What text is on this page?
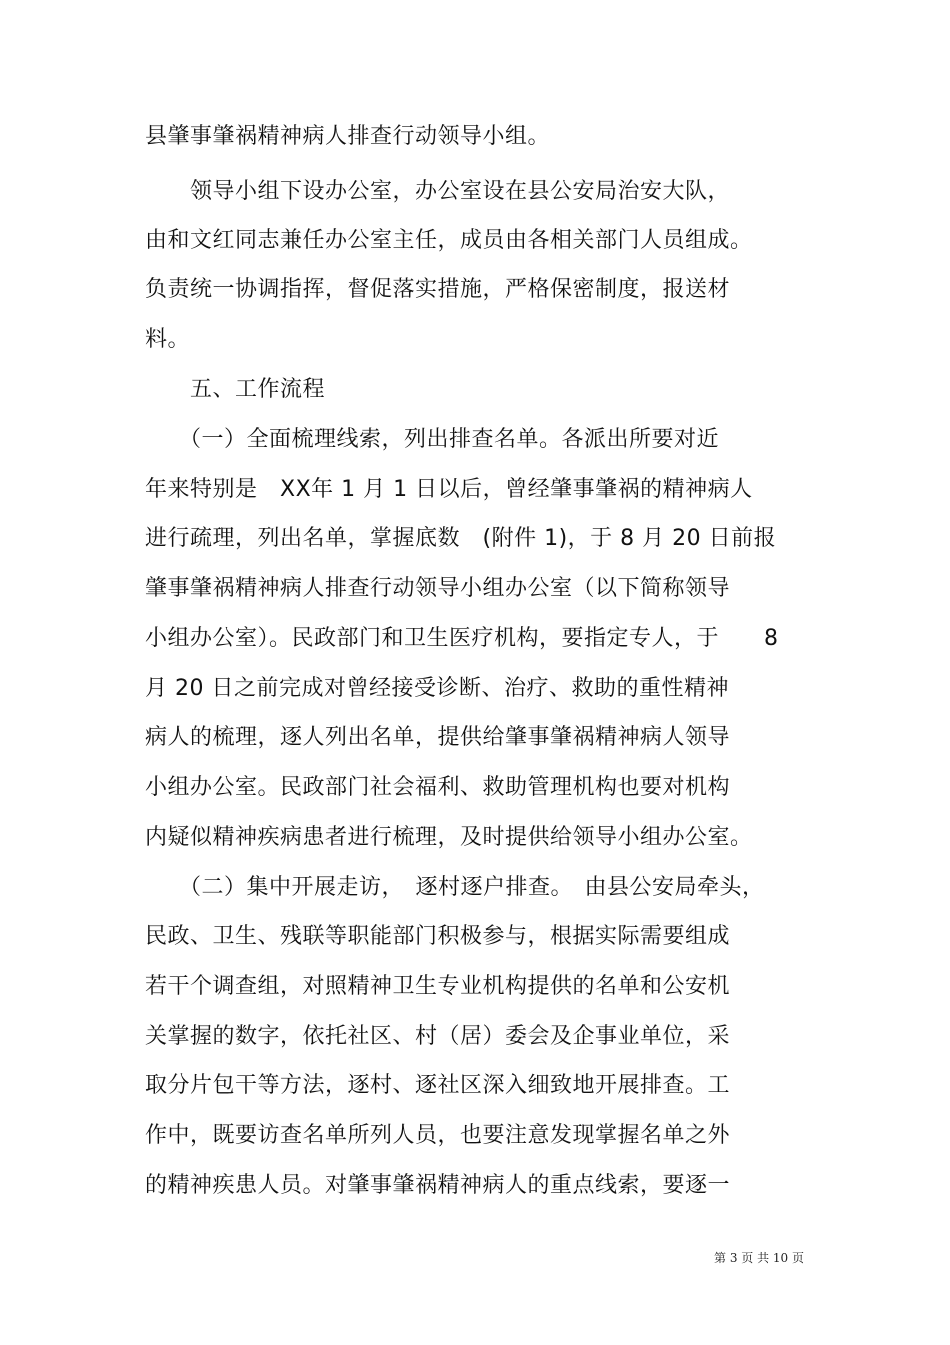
县肇事肇祸精神病人排查行动领导小组。
　　领导小组下设办公室，办公室设在县公安局治安大队，
由和文红同志兼任办公室主任，成员由各相关部门人员组成。
负责统一协调指挥，督促落实措施，严格保密制度，报送材
料。
　　五、工作流程
　　（一）全面梳理线索，列出排查名单。各派出所要对近
年来特别是　XX年 1 月 1 日以后，曾经肇事肇祸的精神病人
进行疏理，列出名单，掌握底数　(附件 1)，于 8 月 20 日前报
肇事肇祸精神病人排查行动领导小组办公室（以下简称领导
小组办公室）。民政部门和卫生医疗机构，要指定专人，于　　8
月 20 日之前完成对曾经接受诊断、治疗、救助的重性精神
病人的梳理，逐人列出名单，提供给肇事肇祸精神病人领导
小组办公室。民政部门社会福利、救助管理机构也要对机构
内疑似精神疾病患者进行梳理，及时提供给领导小组办公室。
　　（二）集中开展走访，　逐村逐户排查。　由县公安局牵头，
民政、卫生、残联等职能部门积极参与，根据实际需要组成
若干个调查组，对照精神卫生专业机构提供的名单和公安机
关掌握的数字，依托社区、村（居）委会及企事业单位，采
取分片包干等方法，逐村、逐社区深入细致地开展排查。工
作中，既要访查名单所列人员，也要注意发现掌握名单之外
的精神疾患人员。对肇事肇祸精神病人的重点线索，要逐一
第 3 页 共 10 页
